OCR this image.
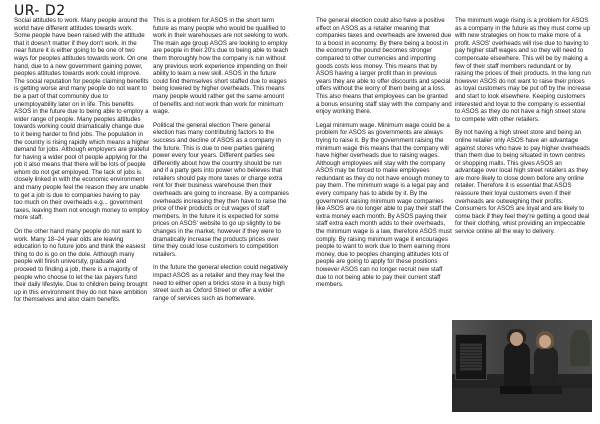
UR- D2

Social attitudes to work. Many people around the world have different attitudes towards work. Some people have been raised with the attitude that it doesn't matter if they don't work. In the near future it is either going to be one of two ways for peoples attitudes towards work. On one hand, due to a new government gaining power, peoples attitudes towards work could improve. The social reputation for people claiming benefits is getting worse and many people do not want to be a part of that community due to unemployability later on in life. This benefits ASOS in the future due to being able to employ a wider range of people. Many peoples attitudes towards working could dramatically change due to it being harder to find jobs. The population in the country is rising rapidly which means a higher demand for jobs. Although employers are grateful for having a wider pool of people applying for the job it also means that there will be lots of people whom do not get employed. The lack of jobs is closely linked in with the economic environment and many people feel the reason they are unable to get a job is due to companies having to pay too much on their overheads e.g... government taxes, leaving them not enough money to employ more staff.

On the other hand many people do not want to work. Many 18–24 year olds are leaving education to no future jobs and think the easiest thing to do is go on the dole. Although many people will finish university, graduate and proceed to finding a job, there is a majority of people who choose to let the tax payers fund their daily lifestyle. Due to children being brought up in this environment they do not have ambition for themselves and also claim benefits.

This is a problem for ASOS in the short term future as many people who would be qualified to work in their warehouses are not seeking to work. The main age group ASOS are looking to employ are people in their 20's due to being able to teach them thoroughly how the company is run without any previous work experience impending on their ability to learn a new skill. ASOS in the future could find themselves short staffed due to wages being lowered by higher overheads. This means many people would rather get the same amount of benefits and not work than work for minimum wage.

Political the general election There general election has many contributing factors to the success and decline of ASOS as a company in the future. This is due to new parties gaining power every four years. Different parties see differently about how the country should be run and if a party gets into power who believes that retailers should pay more taxes or charge extra rent for their business warehouse then their overheads are going to increase. By a companies overheads increasing they then have to raise the price of their products or cut wages of staff members. In the future it is expected for some prices on ASOS' website to go up slightly to be changes in the market, however if they were to dramatically increase the products prices over time they could lose customers to competition retailers.

In the future the general election could negatively impact ASOS as a retailer and they may feel the need to either open a bricks store in a busy high street such as Oxford Street or offer a wider range of services such as homeware.

The general election could also have a positive effect on ASOS as a retailer meaning that companies taxes and overheads are lowered due to a boost in economy. By there being a boost in the economy the pound becomes stronger compared to other currencies and importing goods costs less money. This means that by ASOS having a larger profit than in previous years they are able to offer discounts and special offers without the worry of them being at a loss. This also means that employees can be granted a bonus ensuring staff stay with the company and enjoy working there.

Legal minimum wage. Minimum wage could be a problem for ASOS as governments are always trying to raise it. By the government raising the minimum wage this means that the company will have higher overheads due to raising wages. Although employees will stay with the company ASOS may be forced to make employees redundant as they do not have enough money to pay them. The minimum wage is a legal pay and every company has to abide by it. By the government raising minimum wage companies like ASOS are no longer able to pay their staff the extra money each month. By ASOS paying their staff extra each month adds to their overheads, the minimum wage is a law, therefore ASOS must comply. By raising minimum wage it encourages people to want to work due to them earning more money, due to peoples changing attitudes lots of people are going to apply for these positions however ASOS can no longer recruit new staff due to not being able to pay their current staff members.

The minimum wage rising is a problem for ASOS as a company in the future as they must come up with new strategies on how to make more of a profit. ASOS' overheads will rise due to having to pay higher staff wages and so they will need to compensate elsewhere. This will be by making a few of their staff members redundant or by raising the prices of their products. In the long run however ASOS do not want to raise their prices as loyal customers may be put off by the increase and start to look elsewhere. Keeping customers interested and loyal to the company is essential to ASOS as they do not have a high street store to compete with other retailers.

By not having a high street store and being an online retailer only ASOS have an advantage against stores who have to pay higher overheads than them due to being situated in town centres or shopping malls. This gives ASOS an advantage over local high street retailers as they are more likely to close down before any online retailer. Therefore it is essential that ASOS reassure their loyal customers even if their overheads are outweighing their profits. Consumers for ASOS are loyal and are likely to come back if they feel they're getting a good deal for their clothing, whist providing an impeccable service online all the way to delivery.
